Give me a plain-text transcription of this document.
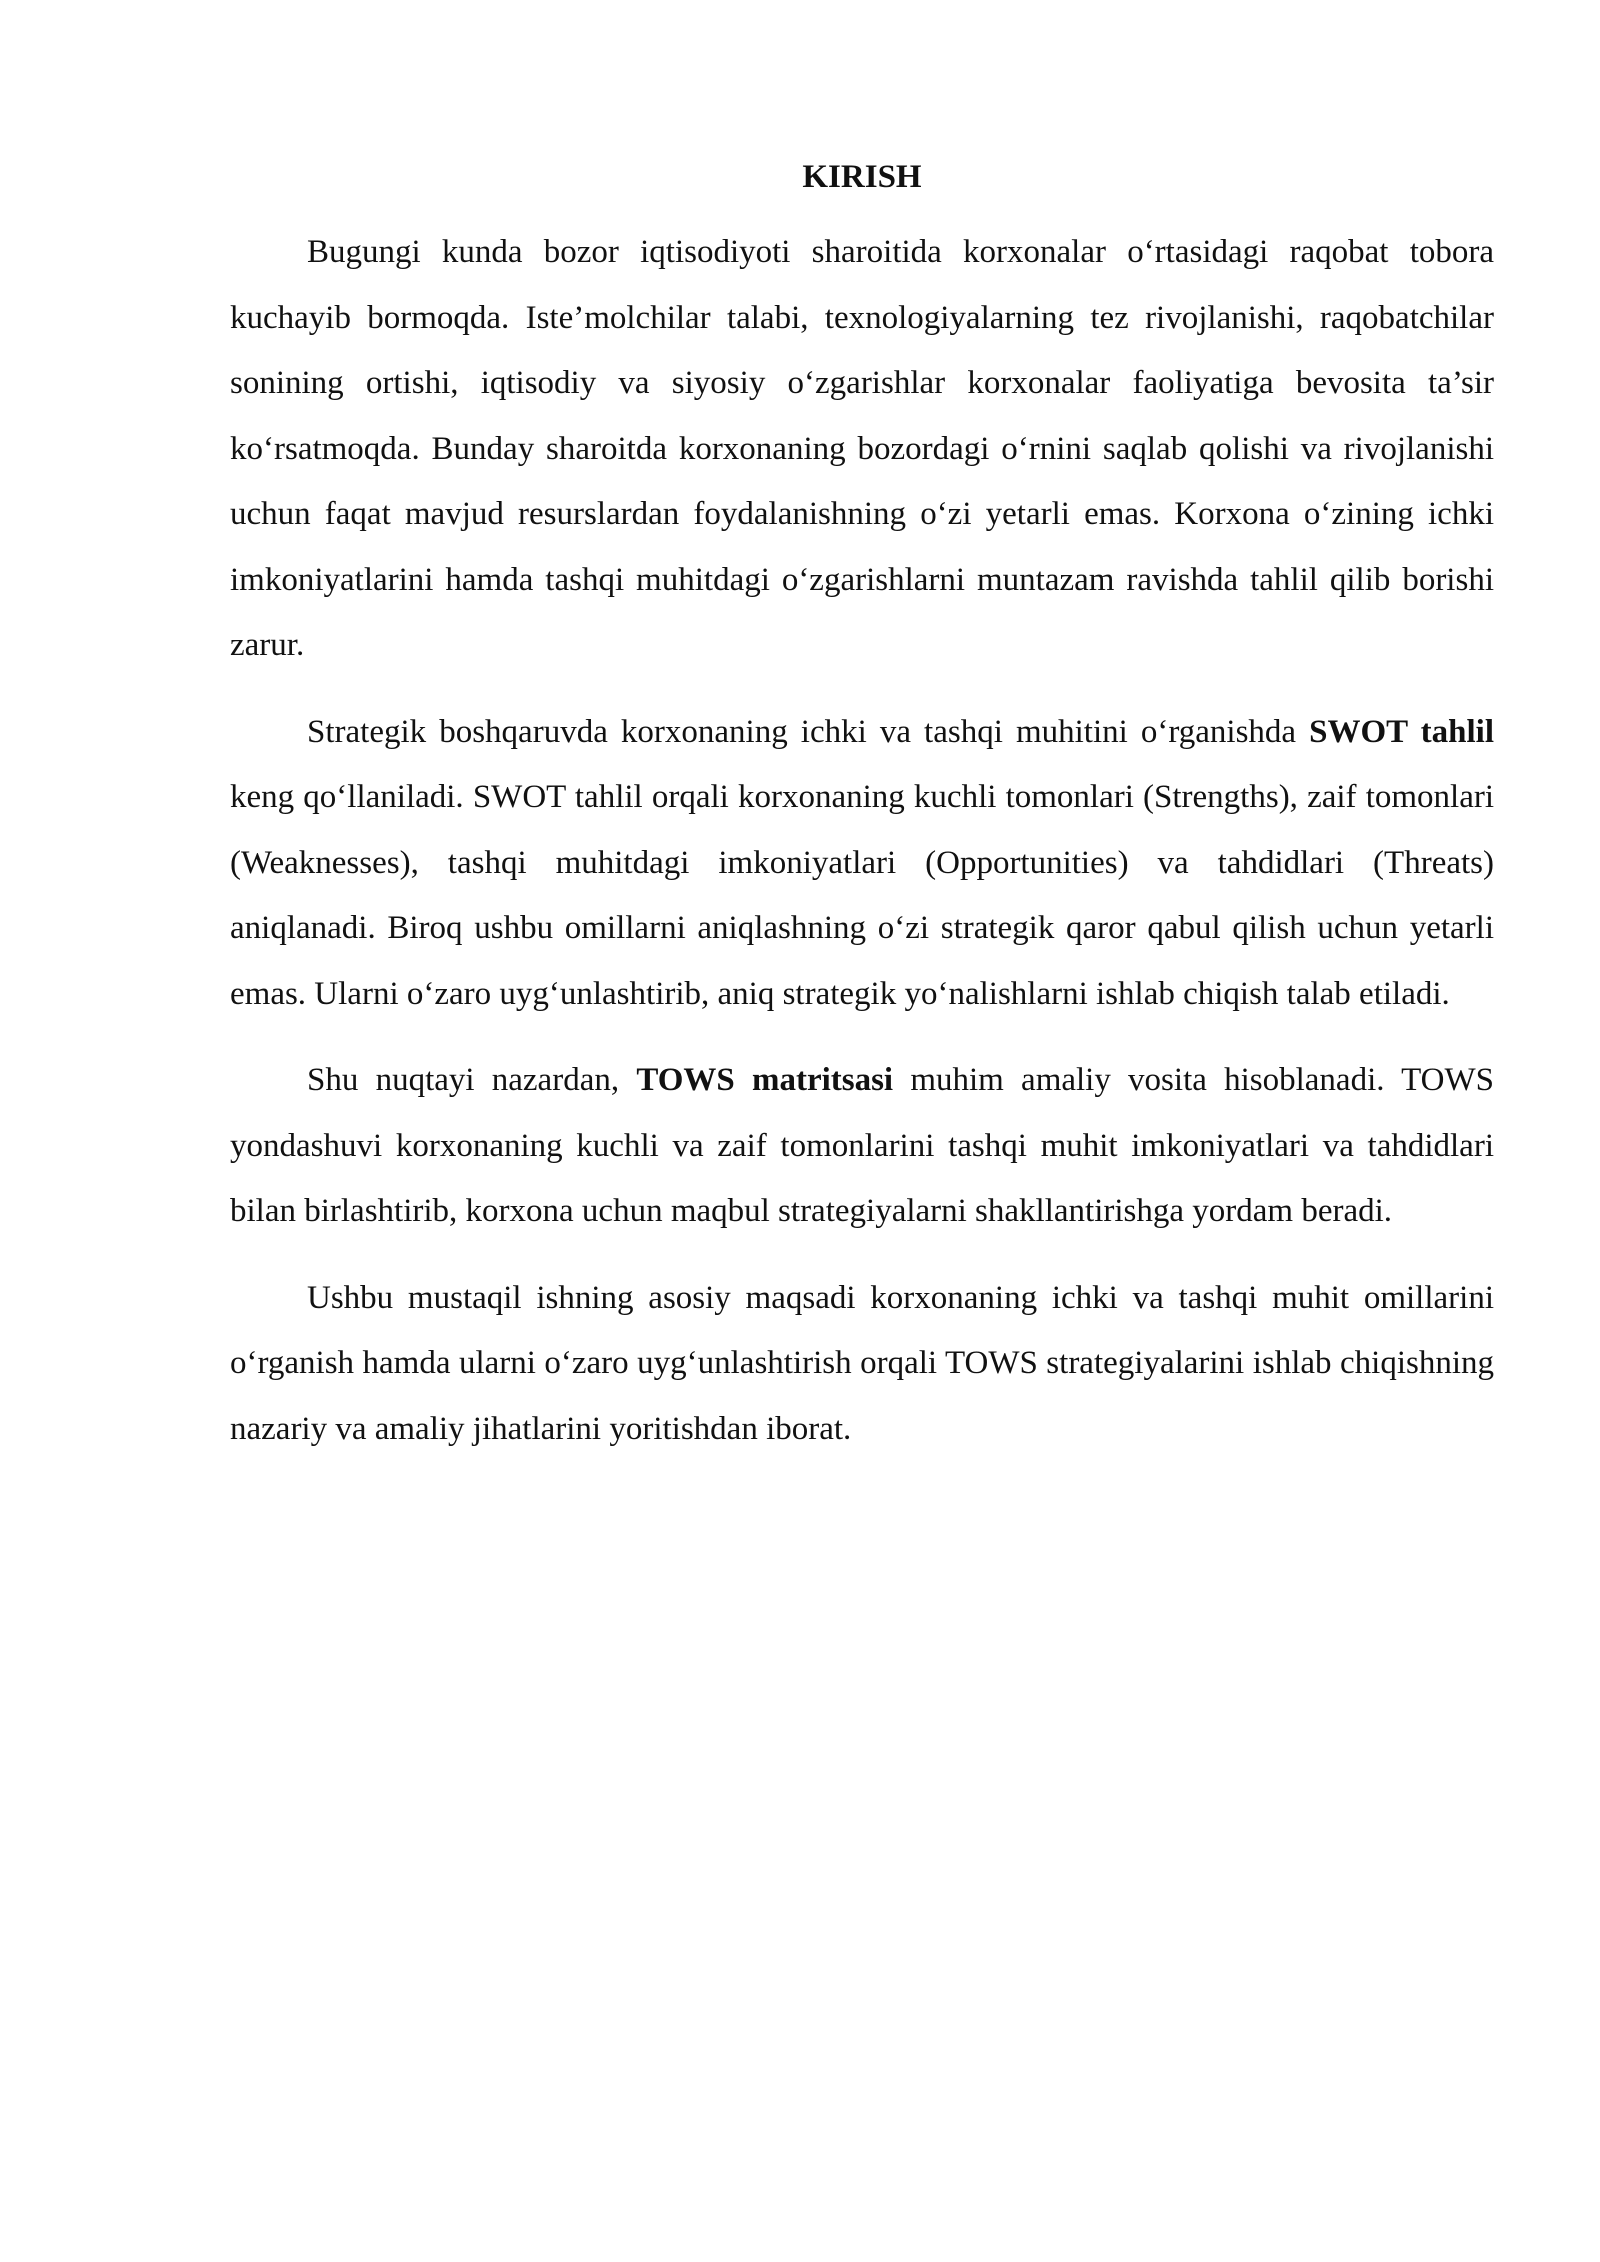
KIRISH

Bugungi kunda bozor iqtisodiyoti sharoitida korxonalar o‘rtasidagi raqobat tobora kuchayib bormoqda. Iste’molchilar talabi, texnologiyalarning tez rivojlanishi, raqobatchilar sonining ortishi, iqtisodiy va siyosiy o‘zgarishlar korxonalar faoliyatiga bevosita ta’sir ko‘rsatmoqda. Bunday sharoitda korxonaning bozordagi o‘rnini saqlab qolishi va rivojlanishi uchun faqat mavjud resurslardan foydalanishning o‘zi yetarli emas. Korxona o‘zining ichki imkoniyatlarini hamda tashqi muhitdagi o‘zgarishlarni muntazam ravishda tahlil qilib borishi zarur.

Strategik boshqaruvda korxonaning ichki va tashqi muhitini o‘rganishda SWOT tahlil keng qo‘llaniladi. SWOT tahlil orqali korxonaning kuchli tomonlari (Strengths), zaif tomonlari (Weaknesses), tashqi muhitdagi imkoniyatlari (Opportunities) va tahdidlari (Threats) aniqlanadi. Biroq ushbu omillarni aniqlashning o‘zi strategik qaror qabul qilish uchun yetarli emas. Ularni o‘zaro uyg‘unlashtirib, aniq strategik yo‘nalishlarni ishlab chiqish talab etiladi.

Shu nuqtayi nazardan, TOWS matritsasi muhim amaliy vosita hisoblanadi. TOWS yondashuvi korxonaning kuchli va zaif tomonlarini tashqi muhit imkoniyatlari va tahdidlari bilan birlashtirib, korxona uchun maqbul strategiyalarni shakllantirishga yordam beradi.

Ushbu mustaqil ishning asosiy maqsadi korxonaning ichki va tashqi muhit omillarini o‘rganish hamda ularni o‘zaro uyg‘unlashtirish orqali TOWS strategiyalarini ishlab chiqishning nazariy va amaliy jihatlarini yoritishdan iborat.
